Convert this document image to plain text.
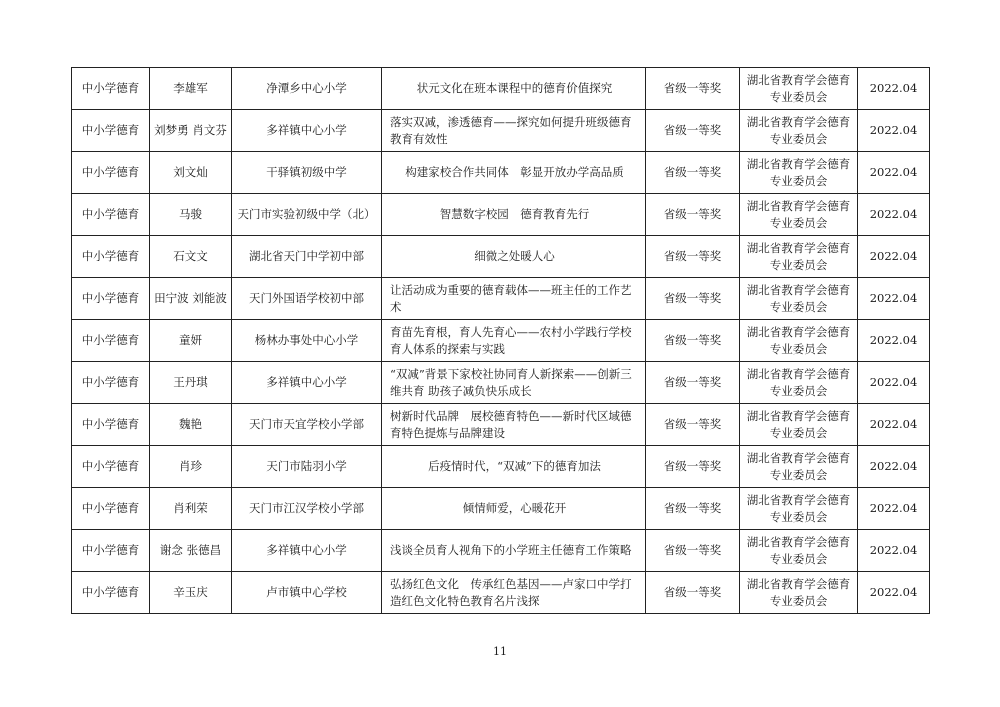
中小学德育	李雄军	净潭乡中心小学	状元文化在班本课程中的德育价值探究	省级一等奖	湖北省教育学会德育专业委员会	2022.04
中小学德育	刘梦勇 肖文芬	多祥镇中心小学	落实双减，渗透德育——探究如何提升班级德育教育有效性	省级一等奖	湖北省教育学会德育专业委员会	2022.04
中小学德育	刘文灿	干驿镇初级中学	构建家校合作共同体　彰显开放办学高品质	省级一等奖	湖北省教育学会德育专业委员会	2022.04
中小学德育	马骏	天门市实验初级中学（北）	智慧数字校园　德育教育先行	省级一等奖	湖北省教育学会德育专业委员会	2022.04
中小学德育	石文文	湖北省天门中学初中部	细微之处暖人心	省级一等奖	湖北省教育学会德育专业委员会	2022.04
中小学德育	田宁波 刘能波	天门外国语学校初中部	让活动成为重要的德育载体——班主任的工作艺术	省级一等奖	湖北省教育学会德育专业委员会	2022.04
中小学德育	童妍	杨林办事处中心小学	育苗先育根，育人先育心——农村小学践行学校育人体系的探索与实践	省级一等奖	湖北省教育学会德育专业委员会	2022.04
中小学德育	王丹琪	多祥镇中心小学	“双减”背景下家校社协同育人新探索——创新三维共育 助孩子减负快乐成长	省级一等奖	湖北省教育学会德育专业委员会	2022.04
中小学德育	魏艳	天门市天宜学校小学部	树新时代品牌　展校德育特色——新时代区域德育特色提炼与品牌建设	省级一等奖	湖北省教育学会德育专业委员会	2022.04
中小学德育	肖珍	天门市陆羽小学	后疫情时代，“双减”下的德育加法	省级一等奖	湖北省教育学会德育专业委员会	2022.04
中小学德育	肖利荣	天门市江汉学校小学部	倾情师爱，心暖花开	省级一等奖	湖北省教育学会德育专业委员会	2022.04
中小学德育	谢念 张德昌	多祥镇中心小学	浅谈全员育人视角下的小学班主任德育工作策略	省级一等奖	湖北省教育学会德育专业委员会	2022.04
中小学德育	辛玉庆	卢市镇中心学校	弘扬红色文化　传承红色基因——卢家口中学打造红色文化特色教育名片浅探	省级一等奖	湖北省教育学会德育专业委员会	2022.04
11
